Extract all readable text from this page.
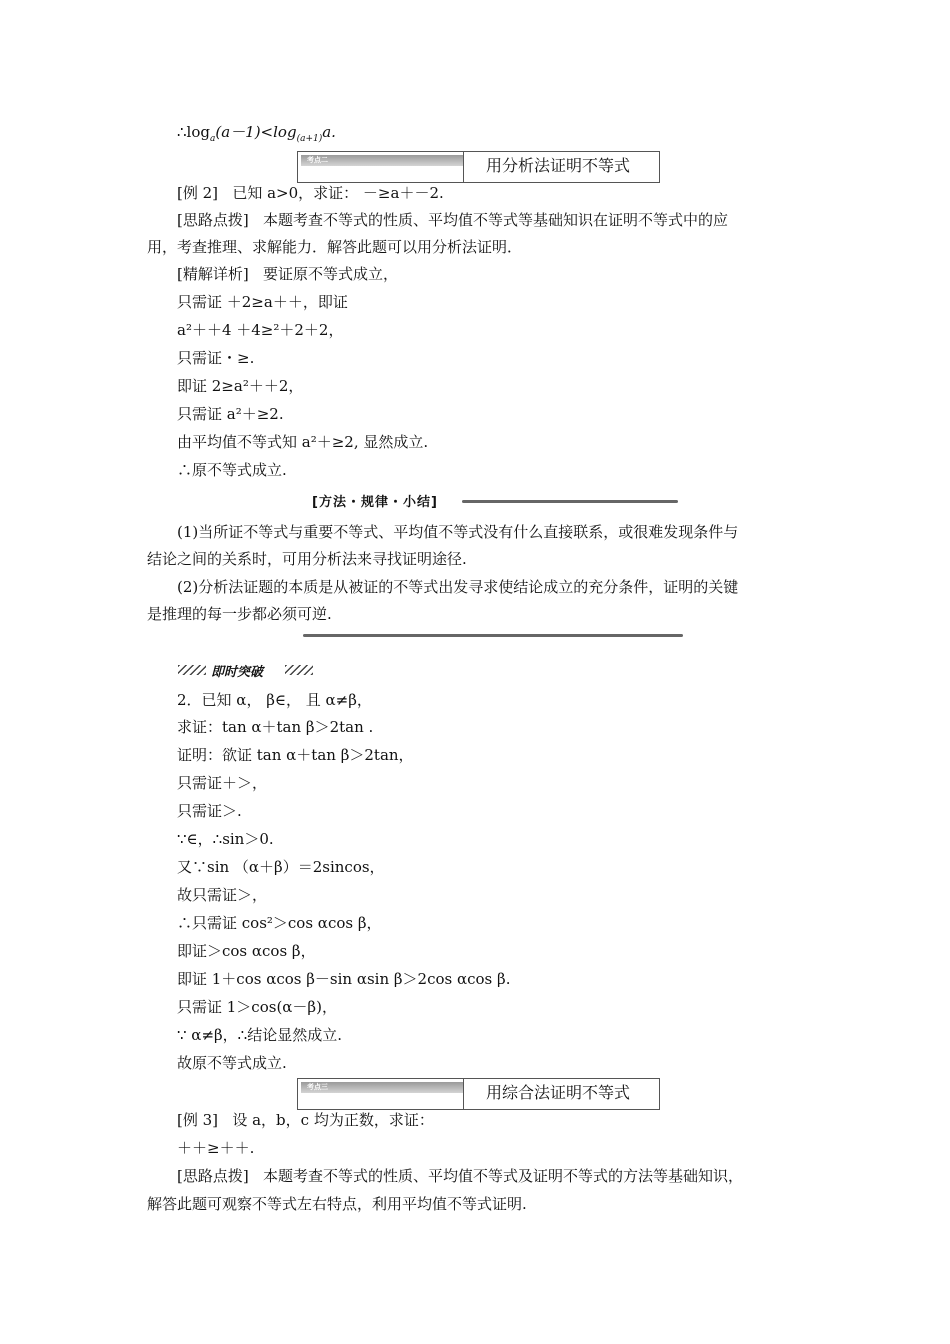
$\therefore\log_a(a-1)<\log_{(a+1)}a$.
考点二	用分析法证明不等式
[例 2] 已知 a>0，求证： －≥a＋－2.
[思路点拨] 本题考查不等式的性质、平均值不等式等基础知识在证明不等式中的应
用，考查推理、求解能力．解答此题可以用分析法证明．
[精解详析] 要证原不等式成立，
只需证 ＋2≥a＋＋，即证
a²＋＋4 ＋4≥²＋2＋2，
只需证・≥.
即证 2≥a²＋＋2，
只需证 a²＋≥2.
由平均值不等式知 a²＋≥2, 显然成立.
∴原不等式成立.
[方法・规律・小结]
(1)当所证不等式与重要不等式、平均值不等式没有什么直接联系，或很难发现条件与
结论之间的关系时，可用分析法来寻找证明途径.
(2)分析法证题的本质是从被证的不等式出发寻求使结论成立的充分条件，证明的关键
是推理的每一步都必须可逆.
即时突破
2．已知 α， β∈， 且 α≠β，
求证：tan α＋tan β＞2tan .
证明：欲证 tan α＋tan β＞2tan，
只需证＋＞，
只需证＞.
∵∈，∴sin＞0.
又∵sin （α＋β）＝2sincos，
故只需证＞，
∴只需证 cos²＞cos αcos β，
即证＞cos αcos β，
即证 1＋cos αcos β－sin αsin β＞2cos αcos β.
只需证 1＞cos(α－β)，
∵ α≠β，∴结论显然成立.
故原不等式成立.
考点三	用综合法证明不等式
[例 3] 设 a，b，c 均为正数，求证：
＋＋≥＋＋.
[思路点拨] 本题考查不等式的性质、平均值不等式及证明不等式的方法等基础知识，
解答此题可观察不等式左右特点，利用平均值不等式证明.
